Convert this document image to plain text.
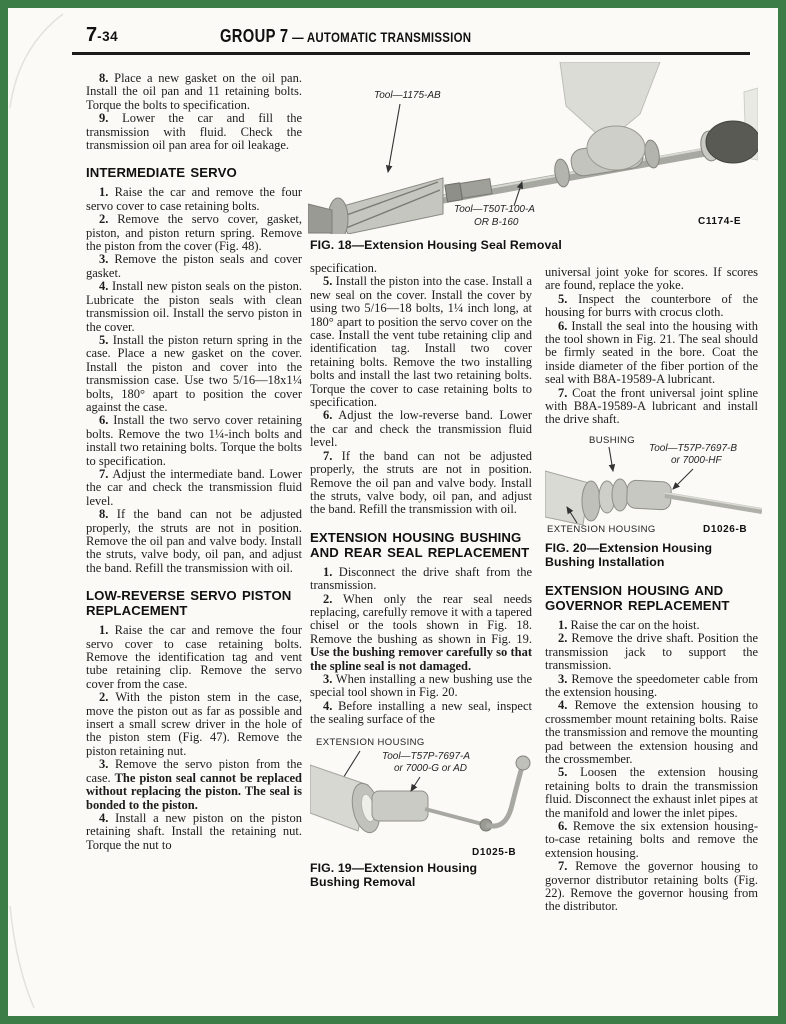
7-34	GROUP 7 — AUTOMATIC TRANSMISSION
Tool—1175-AB
Tool—T50T-100-A
OR B-160	C1174-E
FIG. 18—Extension Housing Seal Removal

8. Place a new gasket on the oil pan. Install the oil pan and 11 retaining bolts. Torque the bolts to specification.

9. Lower the car and fill the transmission with fluid. Check the transmission oil pan area for oil leakage.

INTERMEDIATE SERVO

1. Raise the car and remove the four servo cover to case retaining bolts.

2. Remove the servo cover, gasket, piston, and piston return spring. Remove the piston from the cover (Fig. 48).

3. Remove the piston seals and cover gasket.

4. Install new piston seals on the piston. Lubricate the piston seals with clean transmission oil. Install the servo piston in the cover.

5. Install the piston return spring in the case. Place a new gasket on the cover. Install the piston and cover into the transmission case. Use two 5/16—18x1¼ bolts, 180° apart to position the cover against the case.

6. Install the two servo cover retaining bolts. Remove the two 1¼-inch bolts and install two retaining bolts. Torque the bolts to specification.

7. Adjust the intermediate band. Lower the car and check the transmission fluid level.

8. If the band can not be adjusted properly, the struts are not in position. Remove the oil pan and valve body. Install the struts, valve body, oil pan, and adjust the band. Refill the transmission with oil.

LOW-REVERSE SERVO PISTON REPLACEMENT

1. Raise the car and remove the four servo cover to case retaining bolts. Remove the identification tag and vent tube retaining clip. Remove the servo cover from the case.

2. With the piston stem in the case, move the piston out as far as possible and insert a small screw driver in the hole of the piston stem (Fig. 47). Remove the piston retaining nut.

3. Remove the servo piston from the case. The piston seal cannot be replaced without replacing the piston. The seal is bonded to the piston.

4. Install a new piston on the piston retaining shaft. Install the retaining nut. Torque the nut to

specification.

5. Install the piston into the case. Install a new seal on the cover. Install the cover by using two 5/16—18 bolts, 1¼ inch long, at 180° apart to position the servo cover on the case. Install the vent tube retaining clip and identification tag. Install two cover retaining bolts. Remove the two installing bolts and install the last two retaining bolts. Torque the cover to case retaining bolts to specification.

6. Adjust the low-reverse band. Lower the car and check the transmission fluid level.

7. If the band can not be adjusted properly, the struts are not in position. Remove the oil pan and valve body. Install the struts, valve body, oil pan, and adjust the band. Refill the transmission with oil.

EXTENSION HOUSING BUSHING AND REAR SEAL REPLACEMENT

1. Disconnect the drive shaft from the transmission.

2. When only the rear seal needs replacing, carefully remove it with a tapered chisel or the tools shown in Fig. 18. Remove the bushing as shown in Fig. 19. Use the bushing remover carefully so that the spline seal is not damaged.

3. When installing a new bushing use the special tool shown in Fig. 20.

4. Before installing a new seal, inspect the sealing surface of the

EXTENSION HOUSING
Tool—T57P-7697-A
or 7000-G or AD
D1025-B
FIG. 19—Extension Housing
Bushing Removal

universal joint yoke for scores. If scores are found, replace the yoke.

5. Inspect the counterbore of the housing for burrs with crocus cloth.

6. Install the seal into the housing with the tool shown in Fig. 21. The seal should be firmly seated in the bore. Coat the inside diameter of the fiber portion of the seal with B8A-19589-A lubricant.

7. Coat the front universal joint spline with B8A-19589-A lubricant and install the drive shaft.

BUSHING
Tool—T57P-7697-B
or 7000-HF
EXTENSION HOUSING	D1026-B
FIG. 20—Extension Housing
Bushing Installation
EXTENSION HOUSING AND GOVERNOR REPLACEMENT

1. Raise the car on the hoist.

2. Remove the drive shaft. Position the transmission jack to support the transmission.

3. Remove the speedometer cable from the extension housing.

4. Remove the extension housing to crossmember mount retaining bolts. Raise the transmission and remove the mounting pad between the extension housing and the crossmember.

5. Loosen the extension housing retaining bolts to drain the transmission fluid. Disconnect the exhaust inlet pipes at the manifold and lower the inlet pipes.

6. Remove the six extension housing-to-case retaining bolts and remove the extension housing.

7. Remove the governor housing to governor distributor retaining bolts (Fig. 22). Remove the governor housing from the distributor.
